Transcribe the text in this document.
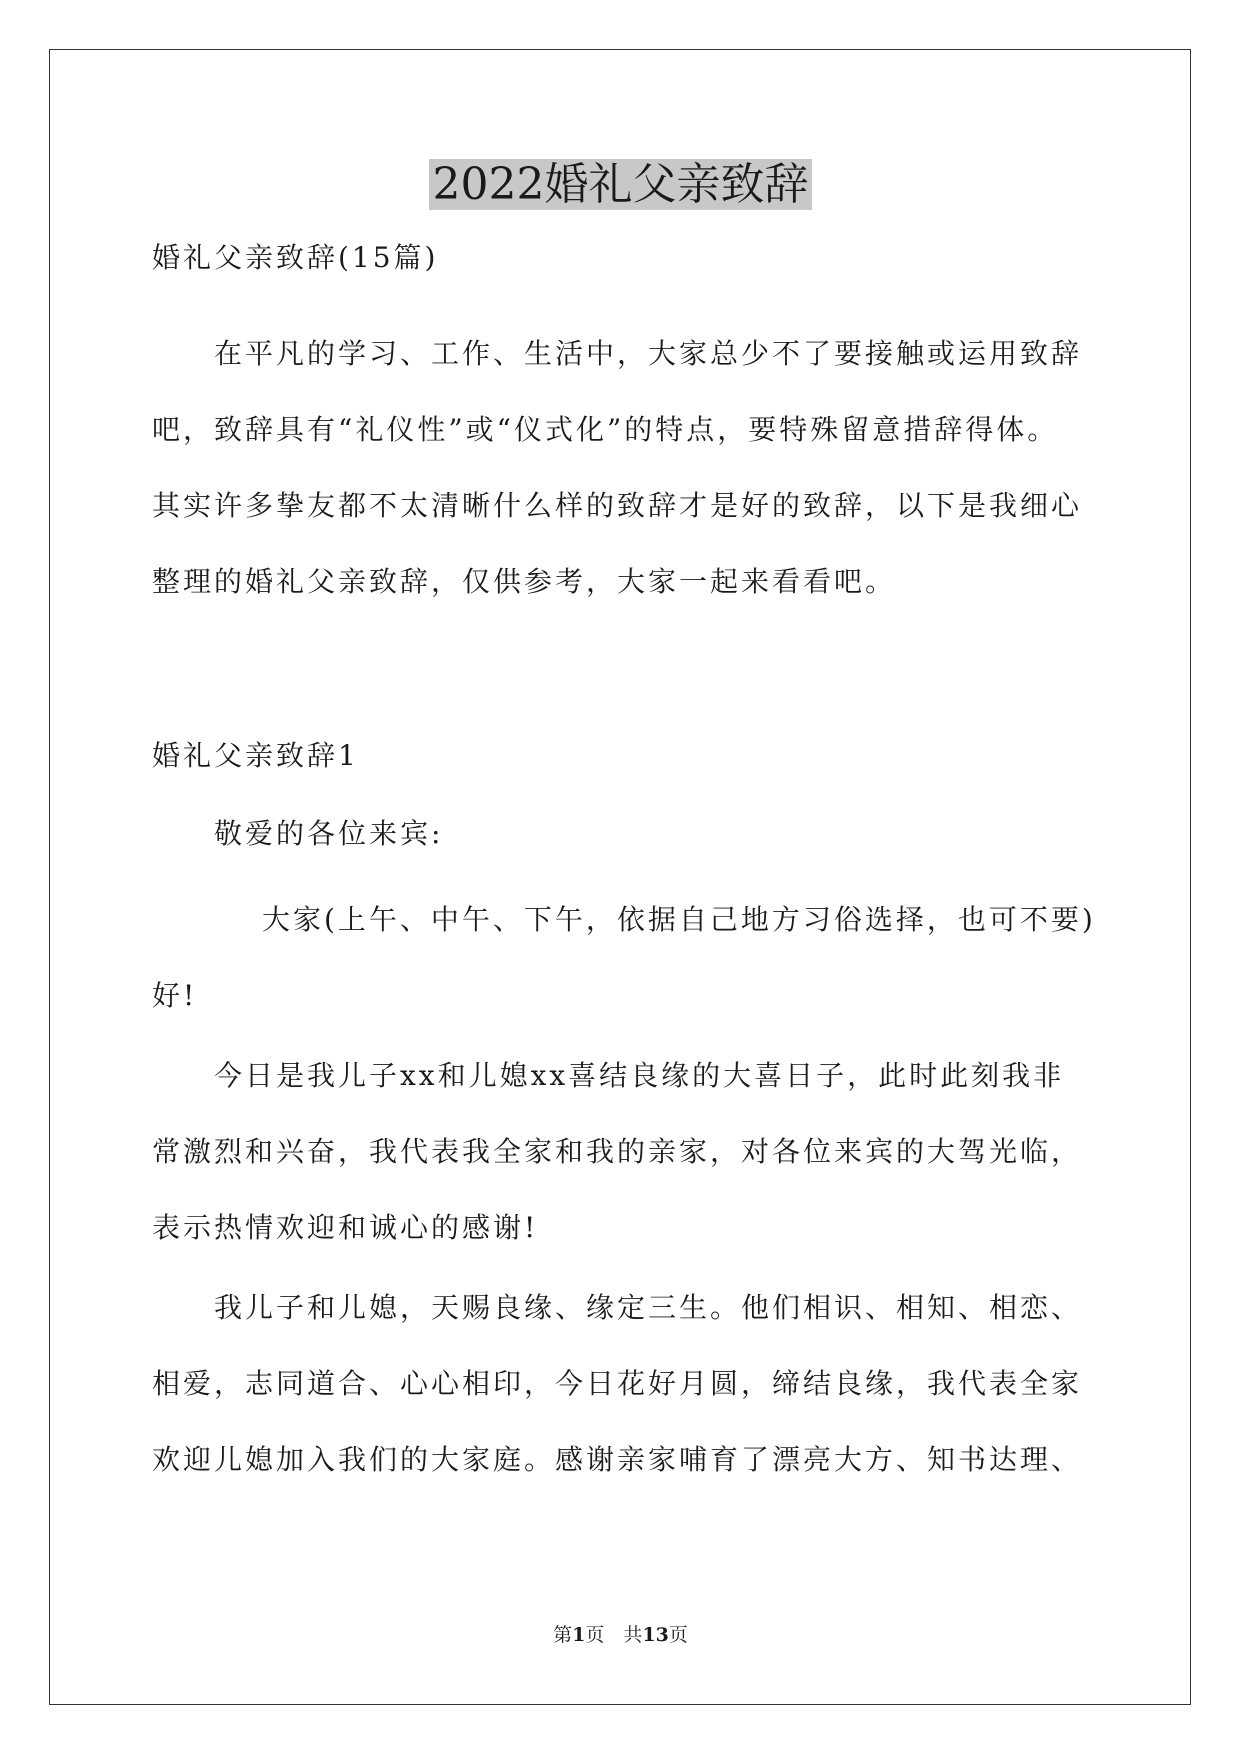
2022婚礼父亲致辞
婚礼父亲致辞(15篇)
在平凡的学习、工作、生活中，大家总少不了要接触或运用致辞
吧，致辞具有“礼仪性”或“仪式化”的特点，要特殊留意措辞得体。
其实许多挚友都不太清晰什么样的致辞才是好的致辞，以下是我细心
整理的婚礼父亲致辞，仅供参考，大家一起来看看吧。
婚礼父亲致辞1
敬爱的各位来宾:
大家(上午、中午、下午，依据自己地方习俗选择，也可不要)
好!
今日是我儿子xx和儿媳xx喜结良缘的大喜日子，此时此刻我非
常激烈和兴奋，我代表我全家和我的亲家，对各位来宾的大驾光临，
表示热情欢迎和诚心的感谢!
我儿子和儿媳，天赐良缘、缘定三生。他们相识、相知、相恋、
相爱，志同道合、心心相印，今日花好月圆，缔结良缘，我代表全家
欢迎儿媳加入我们的大家庭。感谢亲家哺育了漂亮大方、知书达理、
第1页　共13页
